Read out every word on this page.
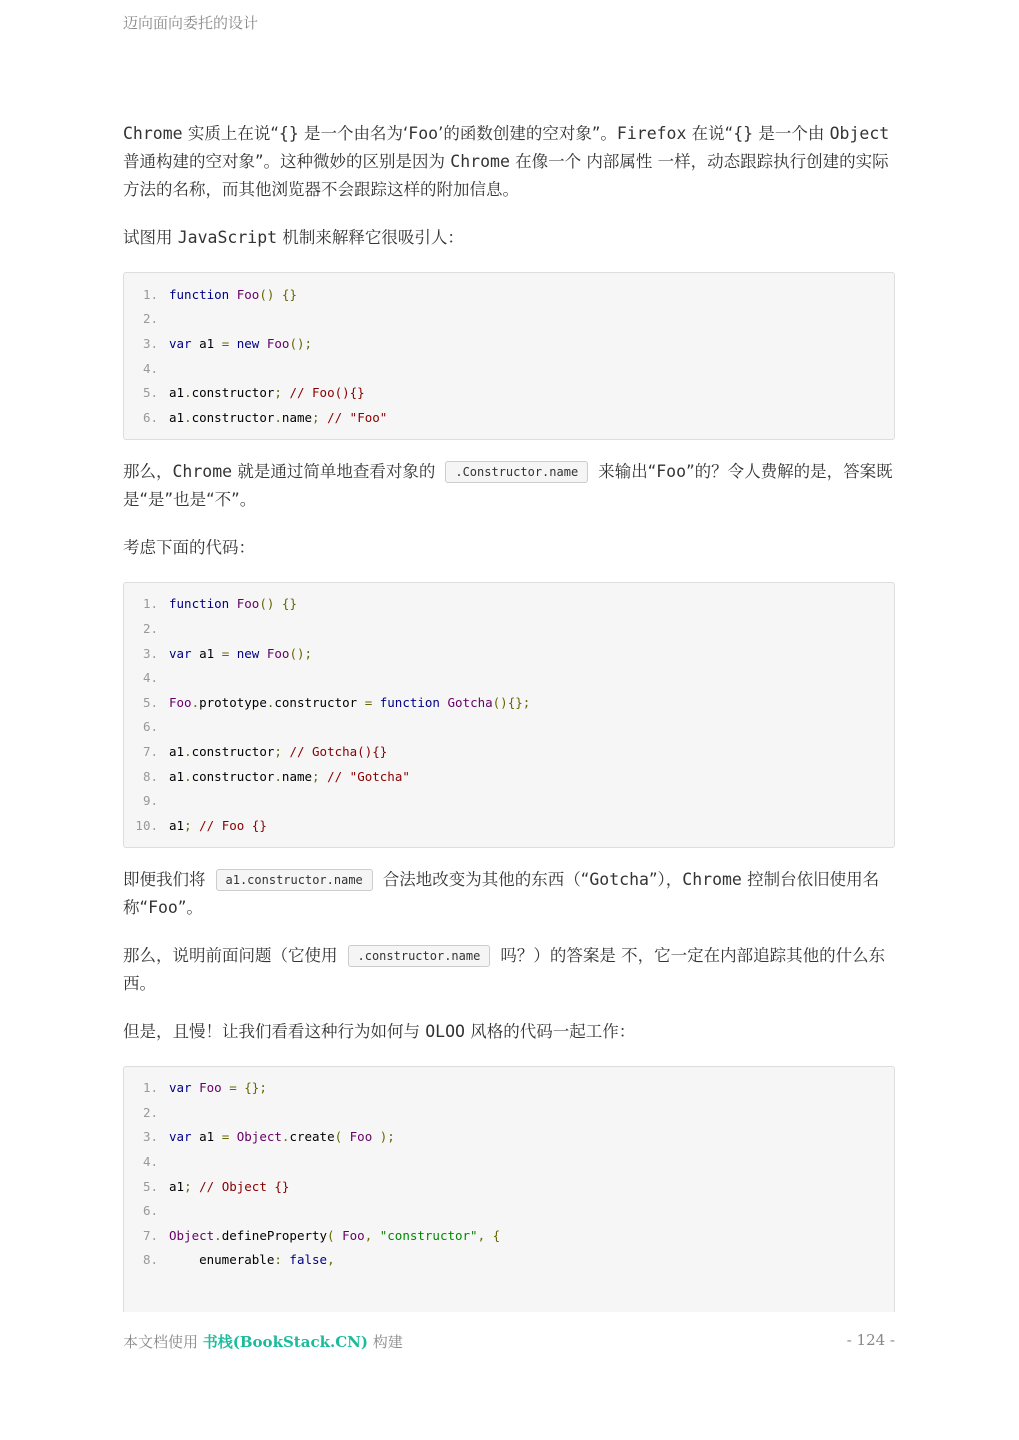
迈向面向委托的设计

Chrome 实质上在说“{} 是一个由名为‘Foo’的函数创建的空对象”。Firefox 在说“{} 是一个由 Object 普通构建的空对象”。这种微妙的区别是因为 Chrome 在像一个 内部属性 一样，动态跟踪执行创建的实际方法的名称，而其他浏览器不会跟踪这样的附加信息。

试图用 JavaScript 机制来解释它很吸引人：

1. function Foo() {}
2.
3. var a1 = new Foo();
4.
5. a1.constructor; // Foo(){}
6. a1.constructor.name; // "Foo"

那么，Chrome 就是通过简单地查看对象的 .Constructor.name 来输出“Foo”的？令人费解的是，答案既是“是”也是“不”。

考虑下面的代码：

1. function Foo() {}
2.
3. var a1 = new Foo();
4.
5. Foo.prototype.constructor = function Gotcha(){};
6.
7. a1.constructor; // Gotcha(){}
8. a1.constructor.name; // "Gotcha"
9.
10. a1; // Foo {}

即便我们将 a1.constructor.name 合法地改变为其他的东西（“Gotcha”），Chrome 控制台依旧使用名称“Foo”。

那么，说明前面问题（它使用 .constructor.name 吗？）的答案是 不，它一定在内部追踪其他的什么东西。

但是，且慢！让我们看看这种行为如何与 OLOO 风格的代码一起工作：

1. var Foo = {};
2.
3. var a1 = Object.create( Foo );
4.
5. a1; // Object {}
6.
7. Object.defineProperty( Foo, "constructor", {
8. enumerable: false,
本文档使用 书栈(BookStack.CN) 构建	- 124 -
